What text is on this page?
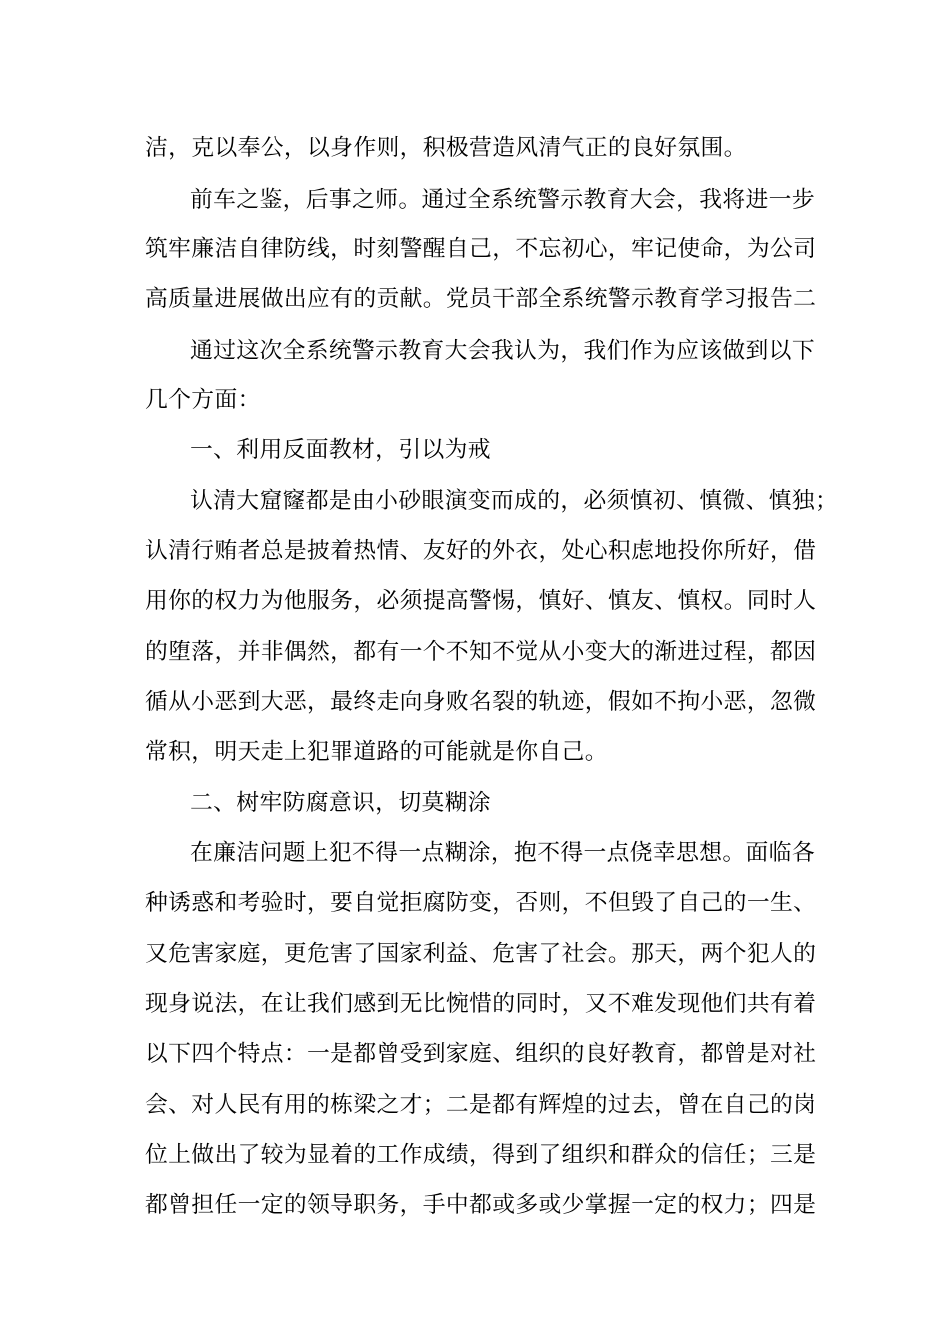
洁，克以奉公，以身作则，积极营造风清气正的良好氛围。
前车之鉴，后事之师。通过全系统警示教育大会，我将进一步
筑牢廉洁自律防线，时刻警醒自己，不忘初心，牢记使命，为公司
高质量进展做出应有的贡献。党员干部全系统警示教育学习报告二
通过这次全系统警示教育大会我认为，我们作为应该做到以下
几个方面：
一、利用反面教材，引以为戒
认清大窟窿都是由小砂眼演变而成的，必须慎初、慎微、慎独；
认清行贿者总是披着热情、友好的外衣，处心积虑地投你所好，借
用你的权力为他服务，必须提高警惕，慎好、慎友、慎权。同时人
的堕落，并非偶然，都有一个不知不觉从小变大的渐进过程，都因
循从小恶到大恶，最终走向身败名裂的轨迹，假如不拘小恶，忽微
常积，明天走上犯罪道路的可能就是你自己。
二、树牢防腐意识，切莫糊涂
在廉洁问题上犯不得一点糊涂，抱不得一点侥幸思想。面临各
种诱惑和考验时，要自觉拒腐防变，否则，不但毁了自己的一生、
又危害家庭，更危害了国家利益、危害了社会。那天，两个犯人的
现身说法，在让我们感到无比惋惜的同时，又不难发现他们共有着
以下四个特点：一是都曾受到家庭、组织的良好教育，都曾是对社
会、对人民有用的栋梁之才；二是都有辉煌的过去，曾在自己的岗
位上做出了较为显着的工作成绩，得到了组织和群众的信任；三是
都曾担任一定的领导职务，手中都或多或少掌握一定的权力；四是
